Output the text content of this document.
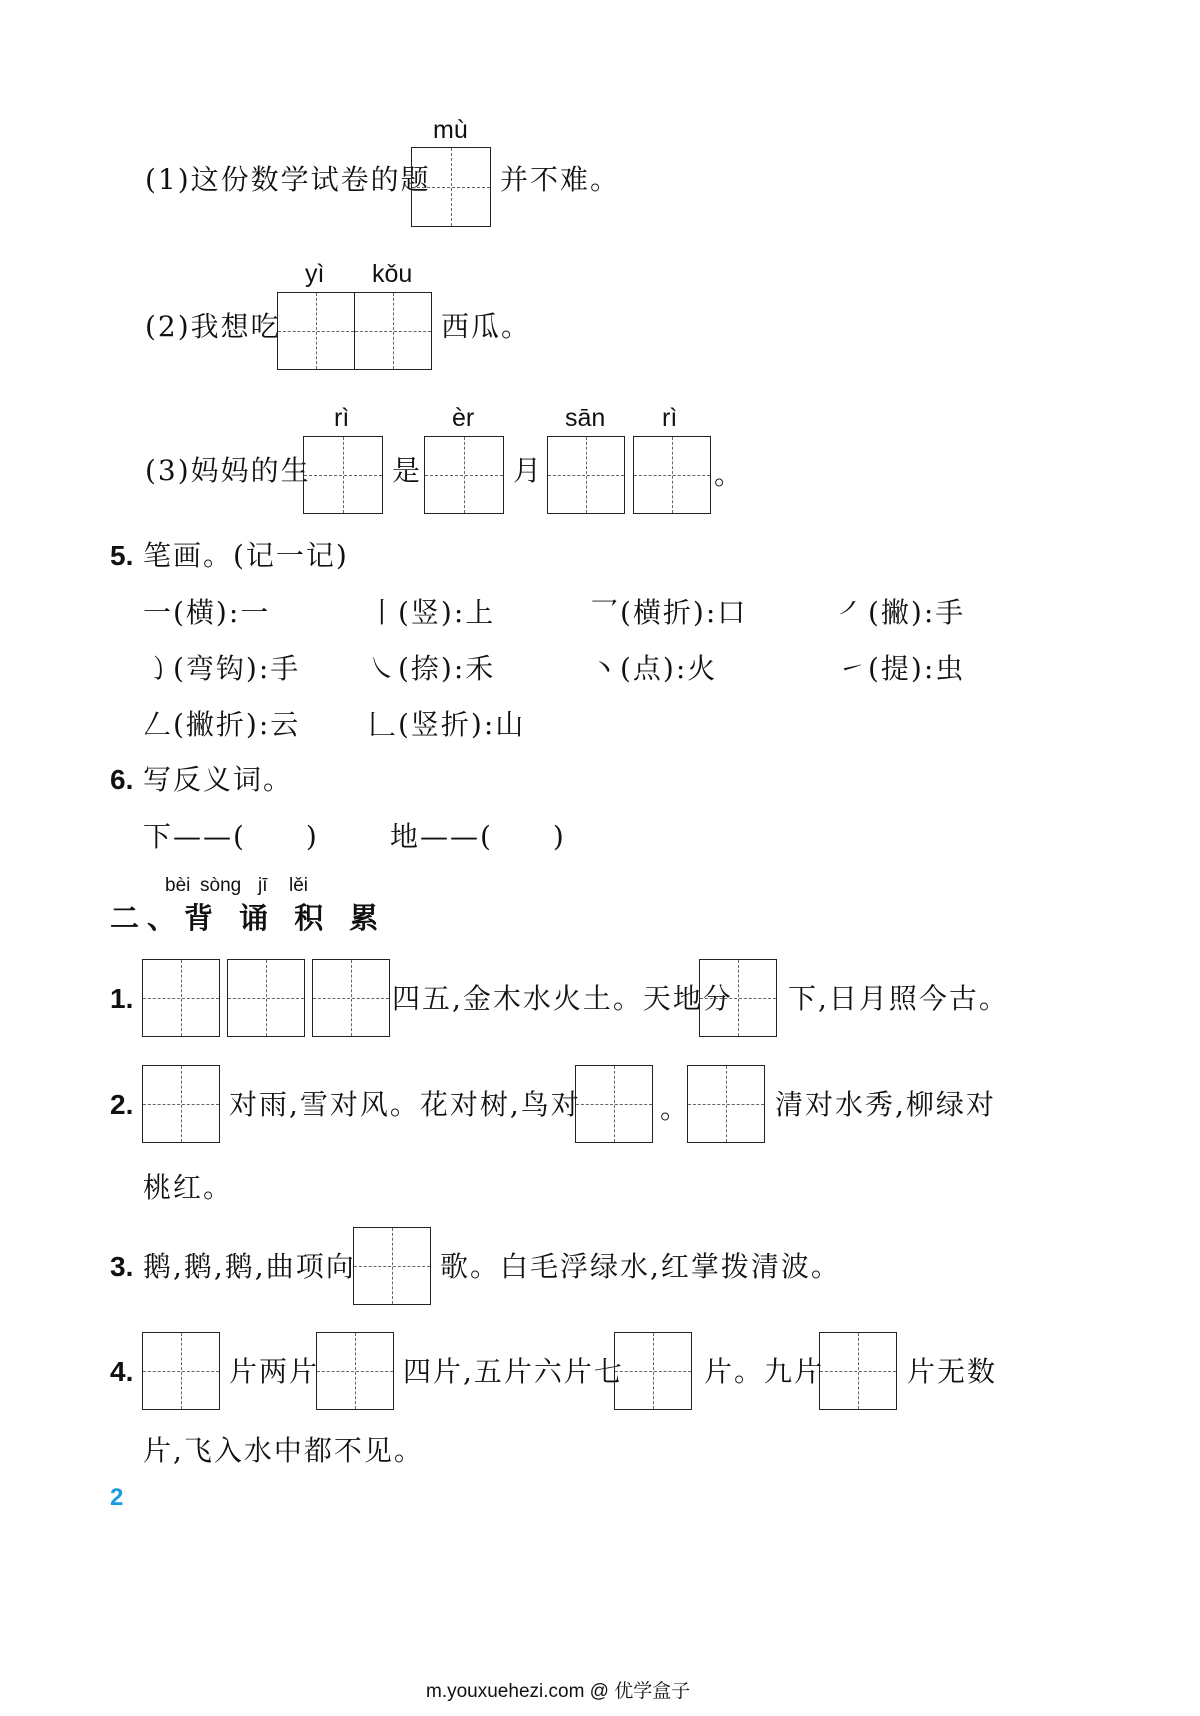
mù
(1)这份数学试卷的题 并不难。
yì kǒu
(2)我想吃	西瓜。
rì	èr	sān rì
(3)妈妈的生	是	月	。
5. 笔画。(记一记)
一(横):一	丨(竖):上	乛(横折):口	㇒(撇):手
㇁(弯钩):手 ㇏(捺):禾	丶(点):火	㇀(提):虫
𠃋(撇折):云 𠃊(竖折):山
6. 写反义词。
下——(　　)	地——(　　)
bèi sòng jī lěi
二、背 诵 积 累
1.	四五,金木水火土。天地分 下,日月照今古。
2.	对雨,雪对风。花对树,鸟对	。	清对水秀,柳绿对
桃红。
3. 鹅,鹅,鹅,曲项向	歌。白毛浮绿水,红掌拨清波。
4.	片两片	四片,五片六片七	片。九片	片无数
片,飞入水中都不见。
2
m.youxuehezi.com @ 优学盒子
